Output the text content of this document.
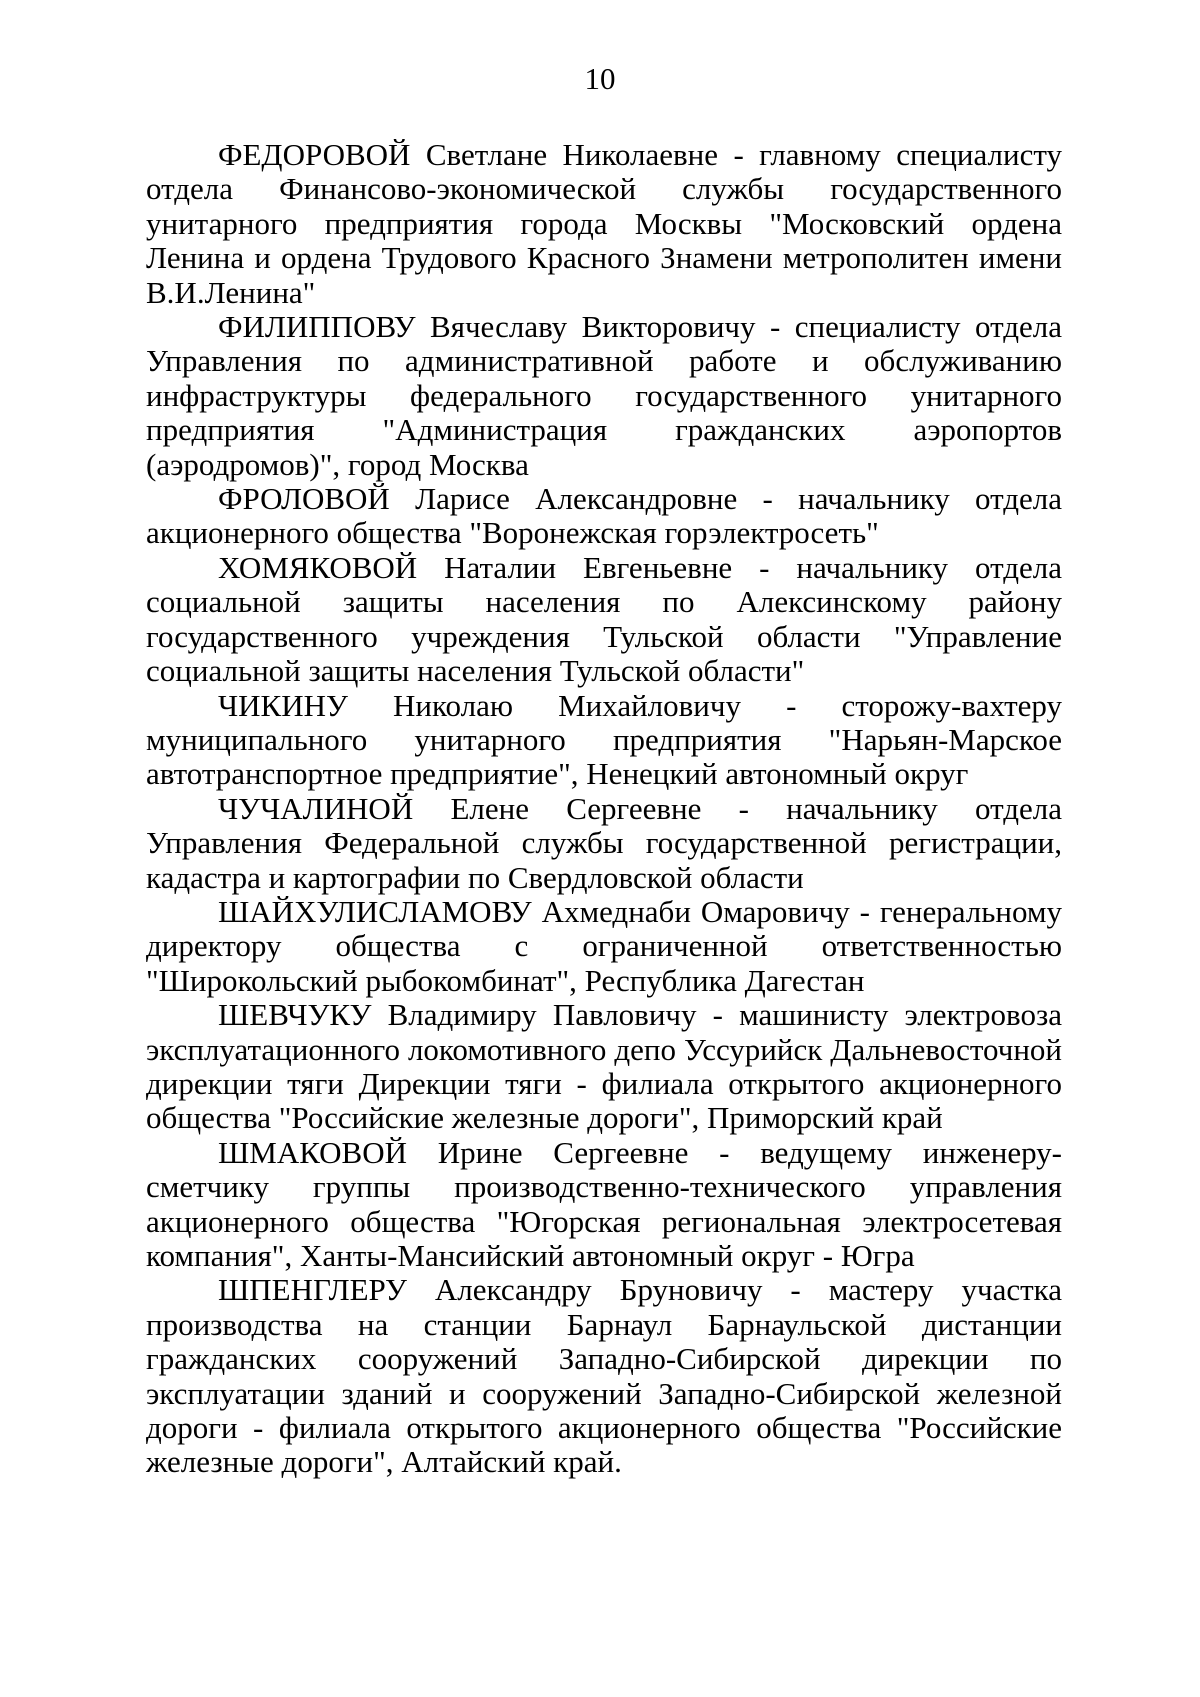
10

ФЕДОРОВОЙ Светлане Николаевне - главному специалисту отдела Финансово-экономической службы государственного унитарного предприятия города Москвы "Московский ордена Ленина и ордена Трудового Красного Знамени метрополитен имени В.И.Ленина"

ФИЛИППОВУ Вячеславу Викторовичу - специалисту отдела Управления по административной работе и обслуживанию инфраструктуры федерального государственного унитарного предприятия "Администрация гражданских аэропортов (аэродромов)", город Москва

ФРОЛОВОЙ Ларисе Александровне - начальнику отдела акционерного общества "Воронежская горэлектросеть"

ХОМЯКОВОЙ Наталии Евгеньевне - начальнику отдела социальной защиты населения по Алексинскому району государственного учреждения Тульской области "Управление социальной защиты населения Тульской области"

ЧИКИНУ Николаю Михайловичу - сторожу-вахтеру муниципального унитарного предприятия "Нарьян-Марское автотранспортное предприятие", Ненецкий автономный округ

ЧУЧАЛИНОЙ Елене Сергеевне - начальнику отдела Управления Федеральной службы государственной регистрации, кадастра и картографии по Свердловской области

ШАЙХУЛИСЛАМОВУ Ахмеднаби Омаровичу - генеральному директору общества с ограниченной ответственностью "Широкольский рыбокомбинат", Республика Дагестан

ШЕВЧУКУ Владимиру Павловичу - машинисту электровоза эксплуатационного локомотивного депо Уссурийск Дальневосточной дирекции тяги Дирекции тяги - филиала открытого акционерного общества "Российские железные дороги", Приморский край

ШМАКОВОЙ Ирине Сергеевне - ведущему инженеру-сметчику группы производственно-технического управления акционерного общества "Югорская региональная электросетевая компания", Ханты-Мансийский автономный округ - Югра

ШПЕНГЛЕРУ Александру Бруновичу - мастеру участка производства на станции Барнаул Барнаульской дистанции гражданских сооружений Западно-Сибирской дирекции по эксплуатации зданий и сооружений Западно-Сибирской железной дороги - филиала открытого акционерного общества "Российские железные дороги", Алтайский край.
